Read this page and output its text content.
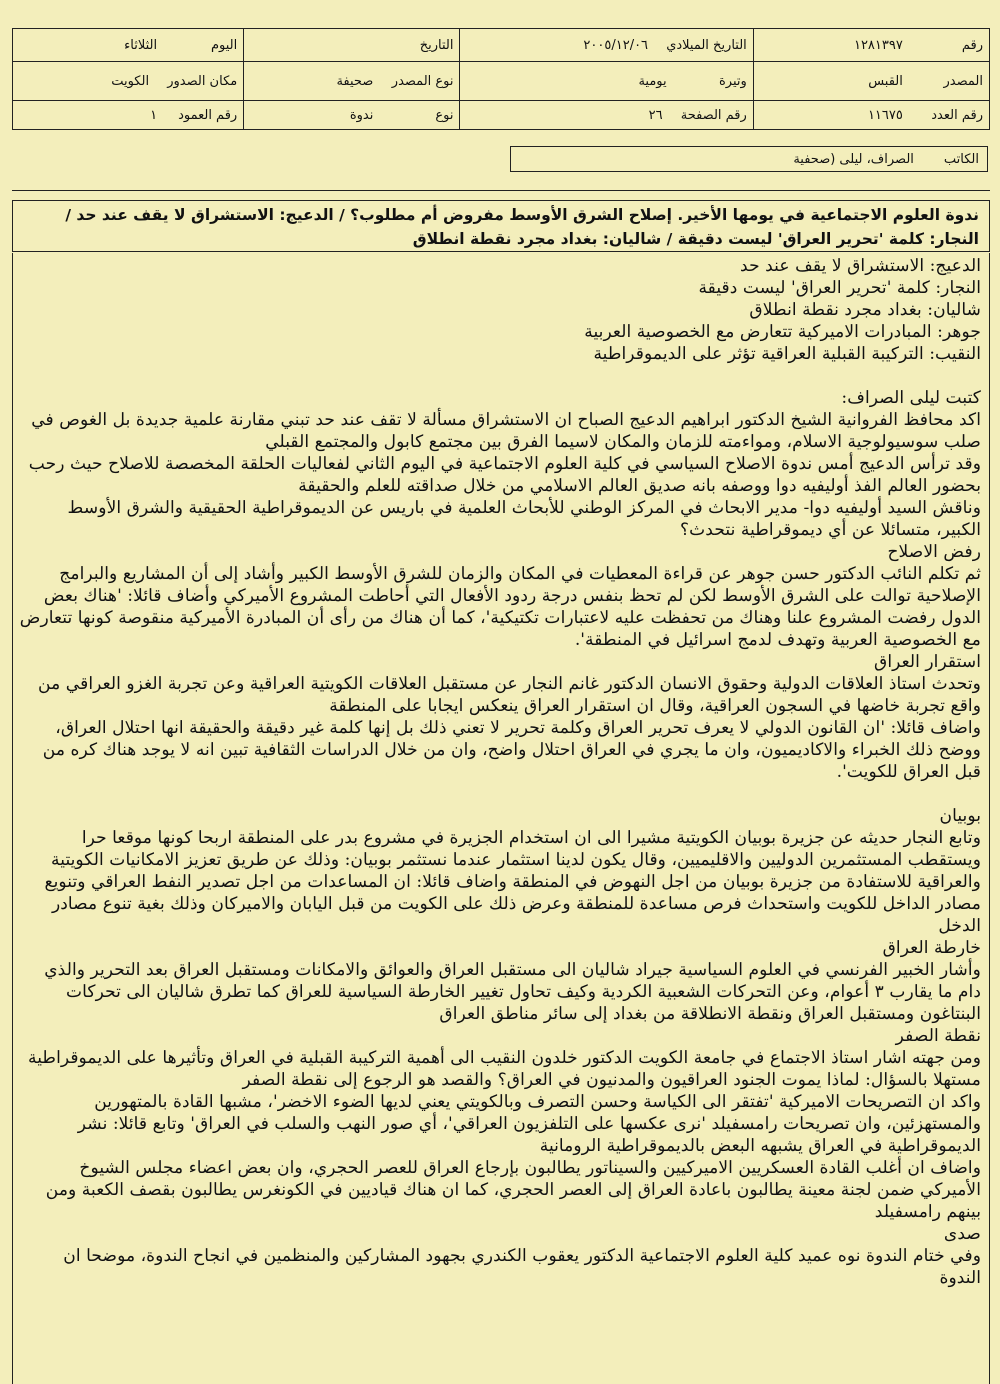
رقم ١٢٨١٣٩٧	التاريخ الميلادي ٢٠٠٥/١٢/٠٦	التاريخ	اليوم الثلاثاء
المصدر القبس	وتيرة يومية	نوع المصدر صحيفة	مكان الصدور الكويت
رقم العدد ١١٦٧٥	رقم الصفحة ٢٦	نوع ندوة	رقم العمود ١
الكاتب
الصراف، ليلى (صحفية
ندوة العلوم الاجتماعية في يومها الأخير. إصلاح الشرق الأوسط مفروض أم مطلوب؟ / الدعيج: الاستشراق لا يقف عند حد / النجار: كلمة 'تحرير العراق' ليست دقيقة / شاليان: بغداد مجرد نقطة انطلاق

الدعيج: الاستشراق لا يقف عند حد

النجار: كلمة 'تحرير العراق' ليست دقيقة

شاليان: بغداد مجرد نقطة انطلاق

جوهر: المبادرات الاميركية تتعارض مع الخصوصية العربية

النقيب: التركيبة القبلية العراقية تؤثر على الديموقراطية

كتبت ليلى الصراف:

اكد محافظ الفروانية الشيخ الدكتور ابراهيم الدعيج الصباح ان الاستشراق مسألة لا تقف عند حد تبني مقارنة علمية جديدة بل الغوص في صلب سوسيولوجية الاسلام، ومواءمته للزمان والمكان لاسيما الفرق بين مجتمع كابول والمجتمع القبلي

وقد ترأس الدعيج أمس ندوة الاصلاح السياسي في كلية العلوم الاجتماعية في اليوم الثاني لفعاليات الحلقة المخصصة للاصلاح حيث رحب بحضور العالم الفذ أوليفيه دوا ووصفه بانه صديق العالم الاسلامي من خلال صداقته للعلم والحقيقة

وناقش السيد أوليفيه دوا- مدير الابحاث في المركز الوطني للأبحاث العلمية في باريس عن الديموقراطية الحقيقية والشرق الأوسط الكبير، متسائلا عن أي ديموقراطية نتحدث؟

رفض الاصلاح

ثم تكلم النائب الدكتور حسن جوهر عن قراءة المعطيات في المكان والزمان للشرق الأوسط الكبير وأشاد إلى أن المشاريع والبرامج الإصلاحية توالت على الشرق الأوسط لكن لم تحظ بنفس درجة ردود الأفعال التي أحاطت المشروع الأميركي وأضاف قائلا: 'هناك بعض الدول رفضت المشروع علنا وهناك من تحفظت عليه لاعتبارات تكتيكية'، كما أن هناك من رأى أن المبادرة الأميركية منقوصة كونها تتعارض مع الخصوصية العربية وتهدف لدمج اسرائيل في المنطقة'.

استقرار العراق

وتحدث استاذ العلاقات الدولية وحقوق الانسان الدكتور غانم النجار عن مستقبل العلاقات الكويتية العراقية وعن تجربة الغزو العراقي من واقع تجربة خاضها في السجون العراقية، وقال ان استقرار العراق ينعكس ايجابا على المنطقة

واضاف قائلا: 'ان القانون الدولي لا يعرف تحرير العراق وكلمة تحرير لا تعني ذلك بل إنها كلمة غير دقيقة والحقيقة انها احتلال العراق، ووضح ذلك الخبراء والاكاديميون، وان ما يجري في العراق احتلال واضح، وان من خلال الدراسات الثقافية تبين انه لا يوجد هناك كره من قبل العراق للكويت'.

بوبيان

وتابع النجار حديثه عن جزيرة بوبيان الكويتية مشيرا الى ان استخدام الجزيرة في مشروع بدر على المنطقة اربحا كونها موقعا حرا ويستقطب المستثمرين الدوليين والاقليميين، وقال يكون لدينا استثمار عندما نستثمر بوبيان: وذلك عن طريق تعزيز الامكانيات الكويتية والعراقية للاستفادة من جزيرة بوبيان من اجل النهوض في المنطقة واضاف قائلا: ان المساعدات من اجل تصدير النفط العراقي وتنويع مصادر الداخل للكويت واستحداث فرص مساعدة للمنطقة وعرض ذلك على الكويت من قبل اليابان والاميركان وذلك بغية تنوع مصادر الدخل

خارطة العراق

وأشار الخبير الفرنسي في العلوم السياسية جيراد شاليان الى مستقبل العراق والعوائق والامكانات ومستقبل العراق بعد التحرير والذي دام ما يقارب ٣ أعوام، وعن التحركات الشعبية الكردية وكيف تحاول تغيير الخارطة السياسية للعراق كما تطرق شاليان الى تحركات البنتاغون ومستقبل العراق ونقطة الانطلاقة من بغداد إلى سائر مناطق العراق

نقطة الصفر

ومن جهته اشار استاذ الاجتماع في جامعة الكويت الدكتور خلدون النقيب الى أهمية التركيبة القبلية في العراق وتأثيرها على الديموقراطية مستهلا بالسؤال: لماذا يموت الجنود العراقيون والمدنيون في العراق؟ والقصد هو الرجوع إلى نقطة الصفر

واكد ان التصريحات الاميركية 'تفتقر الى الكياسة وحسن التصرف وبالكويتي يعني لديها الضوء الاخضر'، مشبها القادة بالمتهورين والمستهزئين، وان تصريحات رامسفيلد 'نرى عكسها على التلفزيون العراقي'، أي صور النهب والسلب في العراق' وتابع قائلا: نشر الديموقراطية في العراق يشبهه البعض بالديموقراطية الرومانية

واضاف ان أغلب القادة العسكريين الاميركيين والسيناتور يطالبون بإرجاع العراق للعصر الحجري، وان بعض اعضاء مجلس الشيوخ الأميركي ضمن لجنة معينة يطالبون باعادة العراق إلى العصر الحجري، كما ان هناك قياديين في الكونغرس يطالبون بقصف الكعبة ومن بينهم رامسفيلد

صدى

وفي ختام الندوة نوه عميد كلية العلوم الاجتماعية الدكتور يعقوب الكندري بجهود المشاركين والمنظمين في انجاح الندوة، موضحا ان الندوة
